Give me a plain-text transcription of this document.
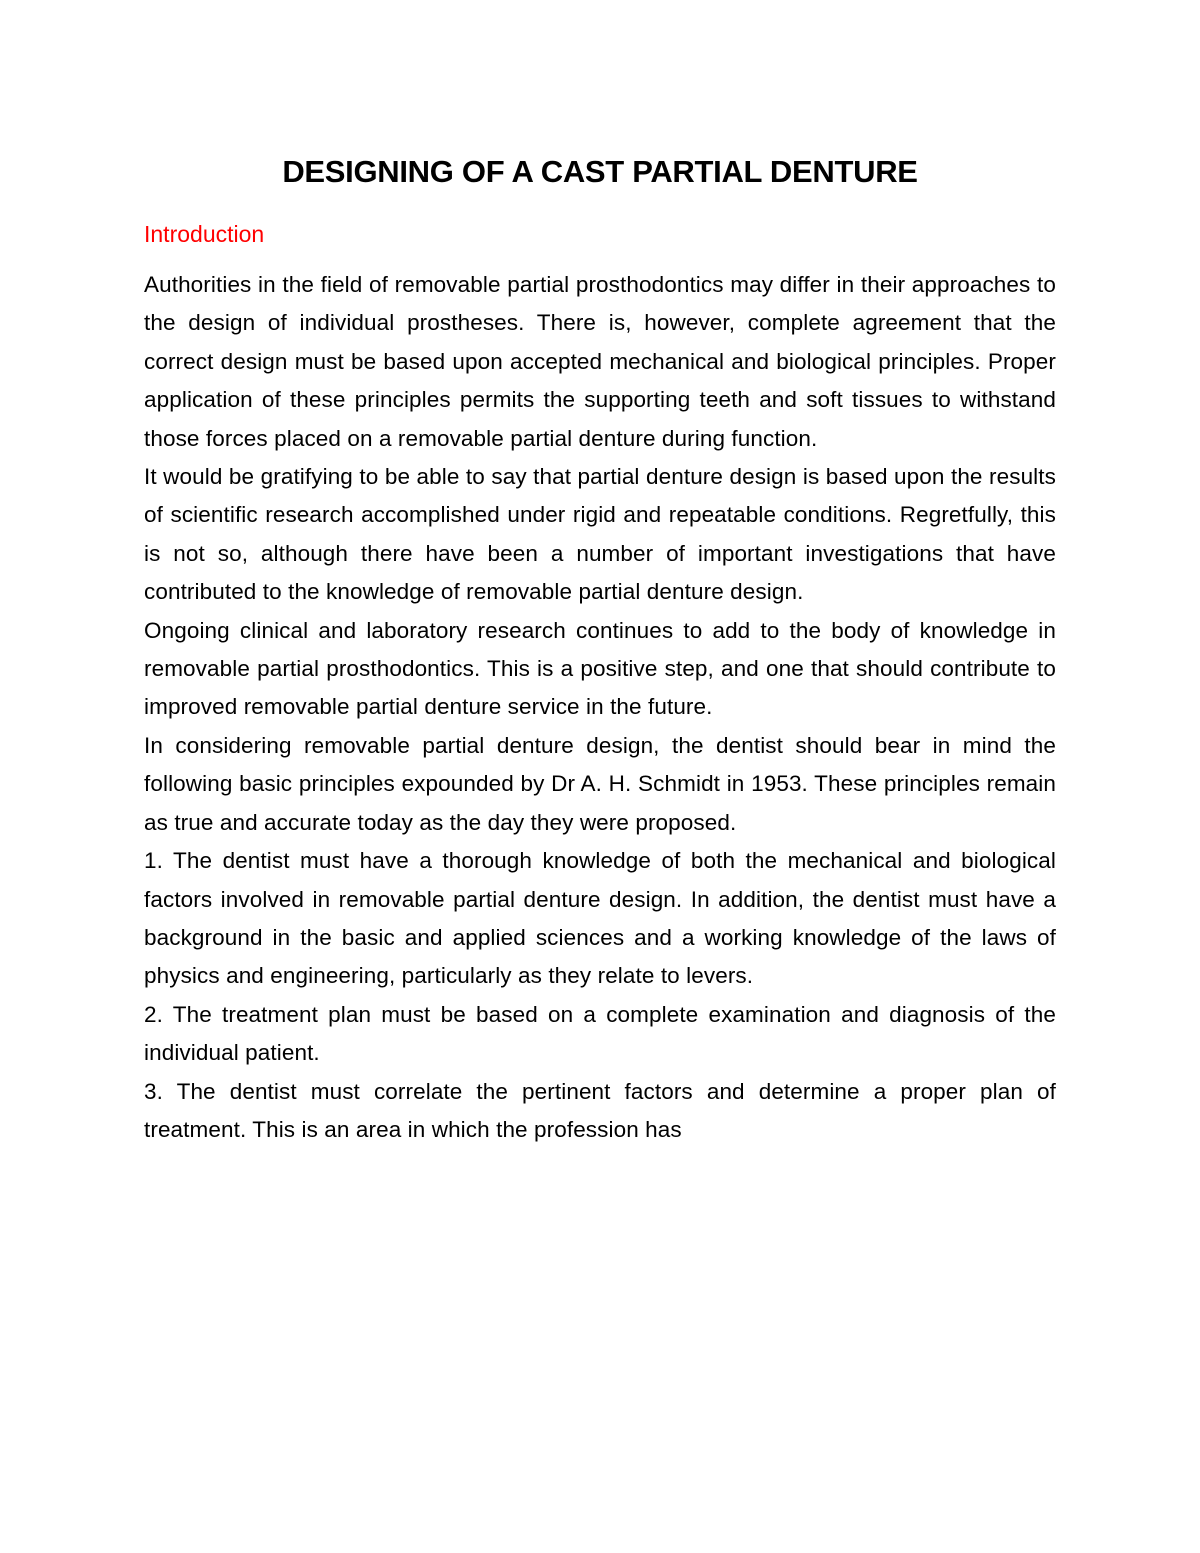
DESIGNING OF A CAST PARTIAL DENTURE
Introduction

Authorities in the field of removable partial prosthodontics may differ in their approaches to the design of individual prostheses. There is, however, complete agreement that the correct design must be based upon accepted mechanical and biological principles. Proper application of these principles permits the supporting teeth and soft tissues to withstand those forces placed on a removable partial denture during function.

It would be gratifying to be able to say that partial denture design is based upon the results of scientific research accomplished under rigid and repeatable conditions. Regretfully, this is not so, although there have been a number of important investigations that have contributed to the knowledge of removable partial denture design.

Ongoing clinical and laboratory research continues to add to the body of knowledge in removable partial prosthodontics. This is a positive step, and one that should contribute to improved removable partial denture service in the future.

In considering removable partial denture design, the dentist should bear in mind the following basic principles expounded by Dr A. H. Schmidt in 1953. These principles remain as true and accurate today as the day they were proposed.

1. The dentist must have a thorough knowledge of both the mechanical and biological factors involved in removable partial denture design. In addition, the dentist must have a background in the basic and applied sciences and a working knowledge of the laws of physics and engineering, particularly as they relate to levers.

2. The treatment plan must be based on a complete examination and diagnosis of the individual patient.

3. The dentist must correlate the pertinent factors and determine a proper plan of treatment. This is an area in which the profession has
